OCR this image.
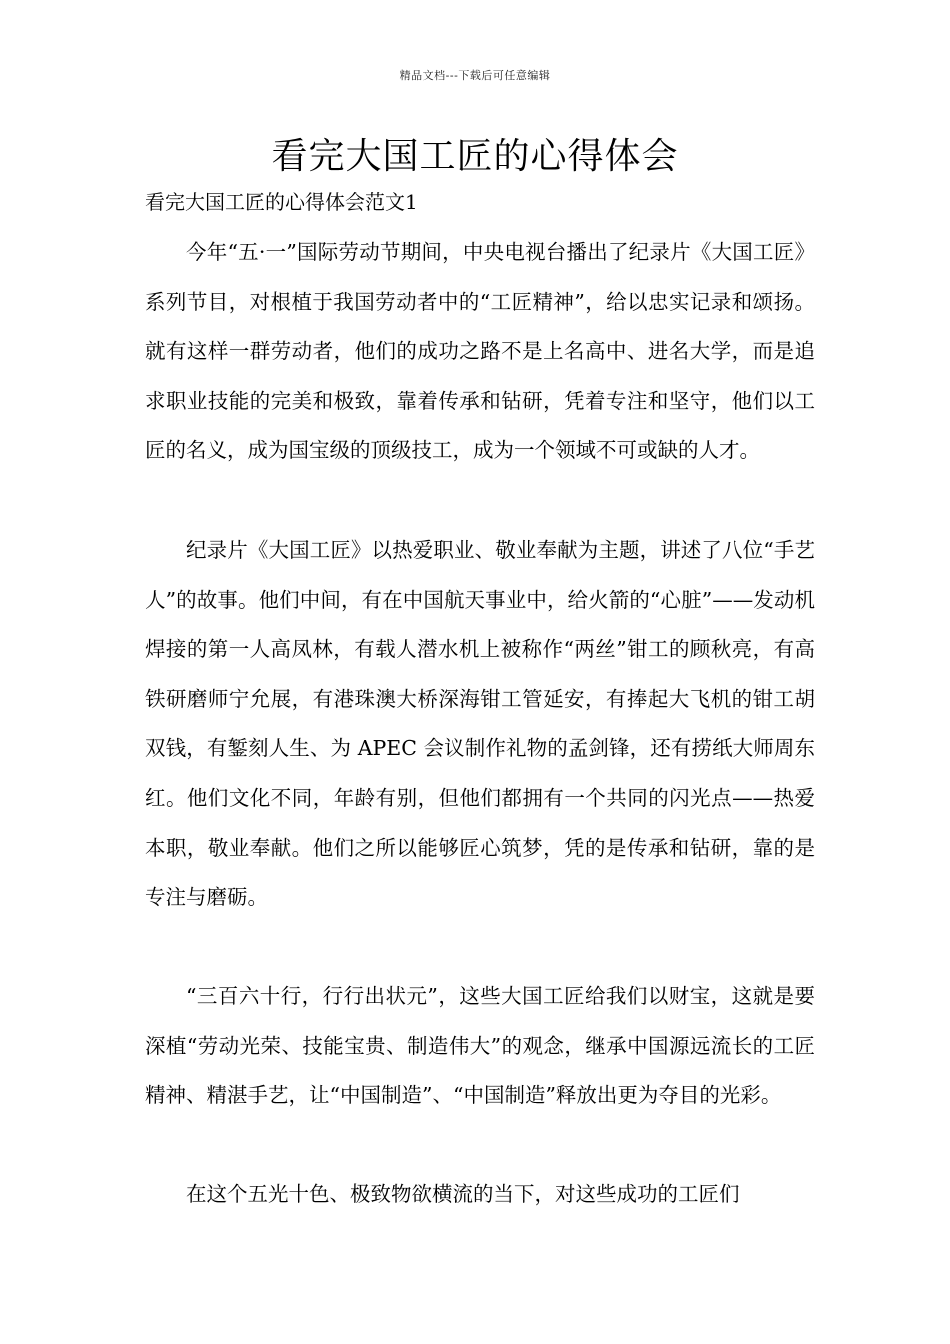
精品文档---下载后可任意编辑
看完大国工匠的心得体会
看完大国工匠的心得体会范文1

今年“五·一”国际劳动节期间，中央电视台播出了纪录片《大国工匠》系列节目，对根植于我国劳动者中的“工匠精神”，给以忠实记录和颂扬。就有这样一群劳动者，他们的成功之路不是上名高中、进名大学，而是追求职业技能的完美和极致，靠着传承和钻研，凭着专注和坚守，他们以工匠的名义，成为国宝级的顶级技工，成为一个领域不可或缺的人才。

纪录片《大国工匠》以热爱职业、敬业奉献为主题，讲述了八位“手艺人”的故事。他们中间，有在中国航天事业中，给火箭的“心脏”——发动机焊接的第一人高凤林，有载人潜水机上被称作“两丝”钳工的顾秋亮，有高铁研磨师宁允展，有港珠澳大桥深海钳工管延安，有捧起大飞机的钳工胡双钱，有錾刻人生、为 APEC 会议制作礼物的孟剑锋，还有捞纸大师周东红。他们文化不同，年龄有别，但他们都拥有一个共同的闪光点——热爱本职，敬业奉献。他们之所以能够匠心筑梦，凭的是传承和钻研，靠的是专注与磨砺。

“三百六十行，行行出状元”，这些大国工匠给我们以财宝，这就是要深植“劳动光荣、技能宝贵、制造伟大”的观念，继承中国源远流长的工匠精神、精湛手艺，让“中国制造”、“中国制造”释放出更为夺目的光彩。

在这个五光十色、极致物欲横流的当下，对这些成功的工匠们
